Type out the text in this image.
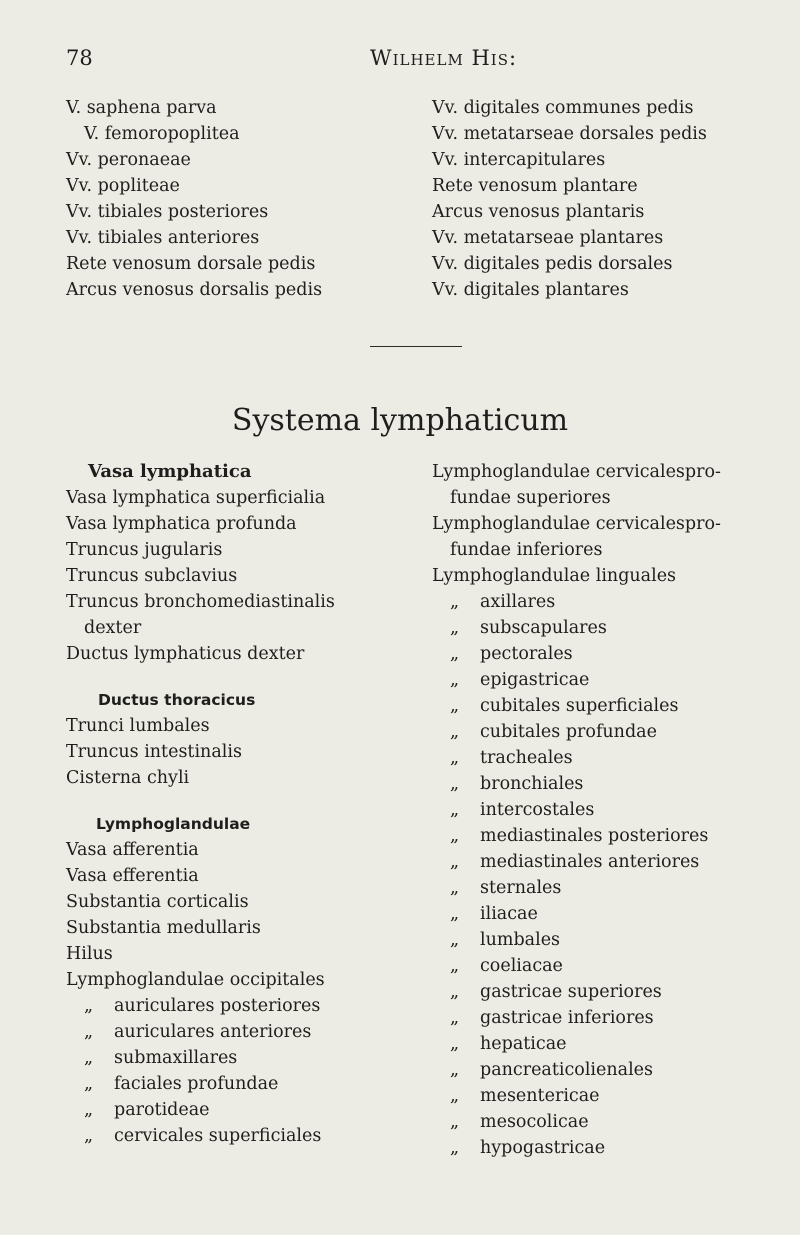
78	Wilhelm His:
V. saphena parva
V. femoropoplitea
Vv. peronaeae
Vv. popliteae
Vv. tibiales posteriores
Vv. tibiales anteriores
Rete venosum dorsale pedis
Arcus venosus dorsalis pedis
Vv. digitales communes pedis
Vv. metatarseae dorsales pedis
Vv. intercapitulares
Rete venosum plantare
Arcus venosus plantaris
Vv. metatarseae plantares
Vv. digitales pedis dorsales
Vv. digitales plantares
Systema lymphaticum
Vasa lymphatica
Vasa lymphatica superficialia
Vasa lymphatica profunda
Truncus jugularis
Truncus subclavius
Truncus bronchomediastinalis
dexter
Ductus lymphaticus dexter
Ductus thoracicus
Trunci lumbales
Truncus intestinalis
Cisterna chyli
Lymphoglandulae
Vasa afferentia
Vasa efferentia
Substantia corticalis
Substantia medullaris
Hilus
Lymphoglandulae occipitales
„ auriculares posteriores
„ auriculares anteriores
„ submaxillares
„ faciales profundae
„ parotideae
„ cervicales superficiales
Lymphoglandulae cervicalespro-
fundae superiores
Lymphoglandulae cervicalespro-
fundae inferiores
Lymphoglandulae linguales
„ axillares
„ subscapulares
„ pectorales
„ epigastricae
„ cubitales superficiales
„ cubitales profundae
„ tracheales
„ bronchiales
„ intercostales
„ mediastinales posteriores
„ mediastinales anteriores
„ sternales
„ iliacae
„ lumbales
„ coeliacae
„ gastricae superiores
„ gastricae inferiores
„ hepaticae
„ pancreaticolienales
„ mesentericae
„ mesocolicae
„ hypogastricae
